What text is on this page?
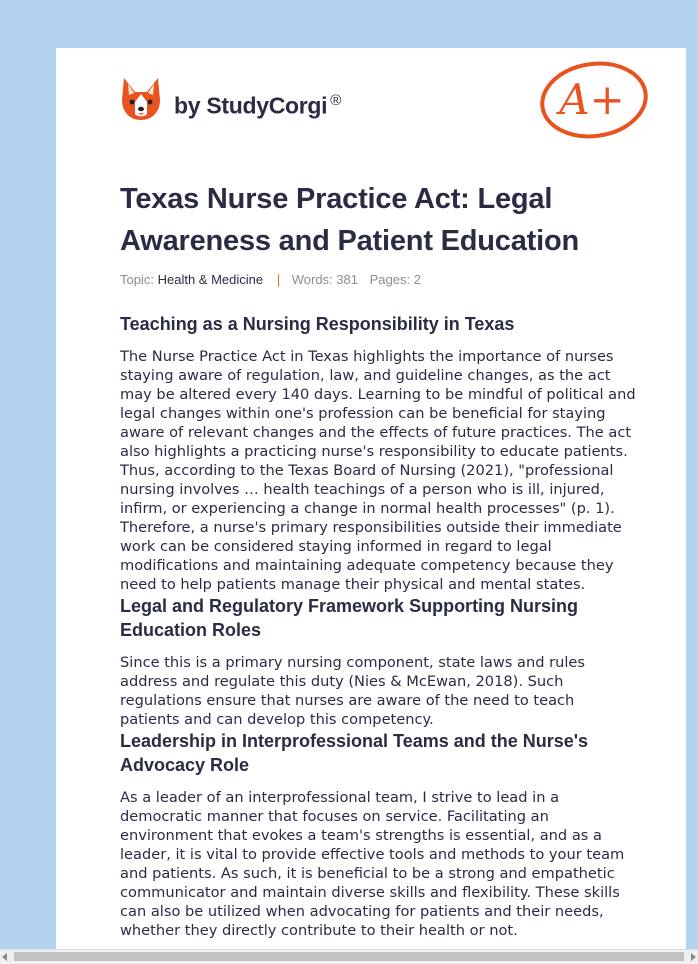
by StudyCorgi ®	A+
Texas Nurse Practice Act: Legal Awareness and Patient Education
Topic: Health & Medicine | Words: 381 Pages: 2
Teaching as a Nursing Responsibility in Texas

The Nurse Practice Act in Texas highlights the importance of nurses staying aware of regulation, law, and guideline changes, as the act may be altered every 140 days. Learning to be mindful of political and legal changes within one's profession can be beneficial for staying aware of relevant changes and the effects of future practices. The act also highlights a practicing nurse's responsibility to educate patients. Thus, according to the Texas Board of Nursing (2021), "professional nursing involves … health teachings of a person who is ill, injured, infirm, or experiencing a change in normal health processes" (p. 1). Therefore, a nurse's primary responsibilities outside their immediate work can be considered staying informed in regard to legal modifications and maintaining adequate competency because they need to help patients manage their physical and mental states.

Legal and Regulatory Framework Supporting Nursing Education Roles

Since this is a primary nursing component, state laws and rules address and regulate this duty (Nies & McEwan, 2018). Such regulations ensure that nurses are aware of the need to teach patients and can develop this competency.

Leadership in Interprofessional Teams and the Nurse's Advocacy Role

As a leader of an interprofessional team, I strive to lead in a democratic manner that focuses on service. Facilitating an environment that evokes a team's strengths is essential, and as a leader, it is vital to provide effective tools and methods to your team and patients. As such, it is beneficial to be a strong and empathetic communicator and maintain diverse skills and flexibility. These skills can also be utilized when advocating for patients and their needs, whether they directly contribute to their health or not.
